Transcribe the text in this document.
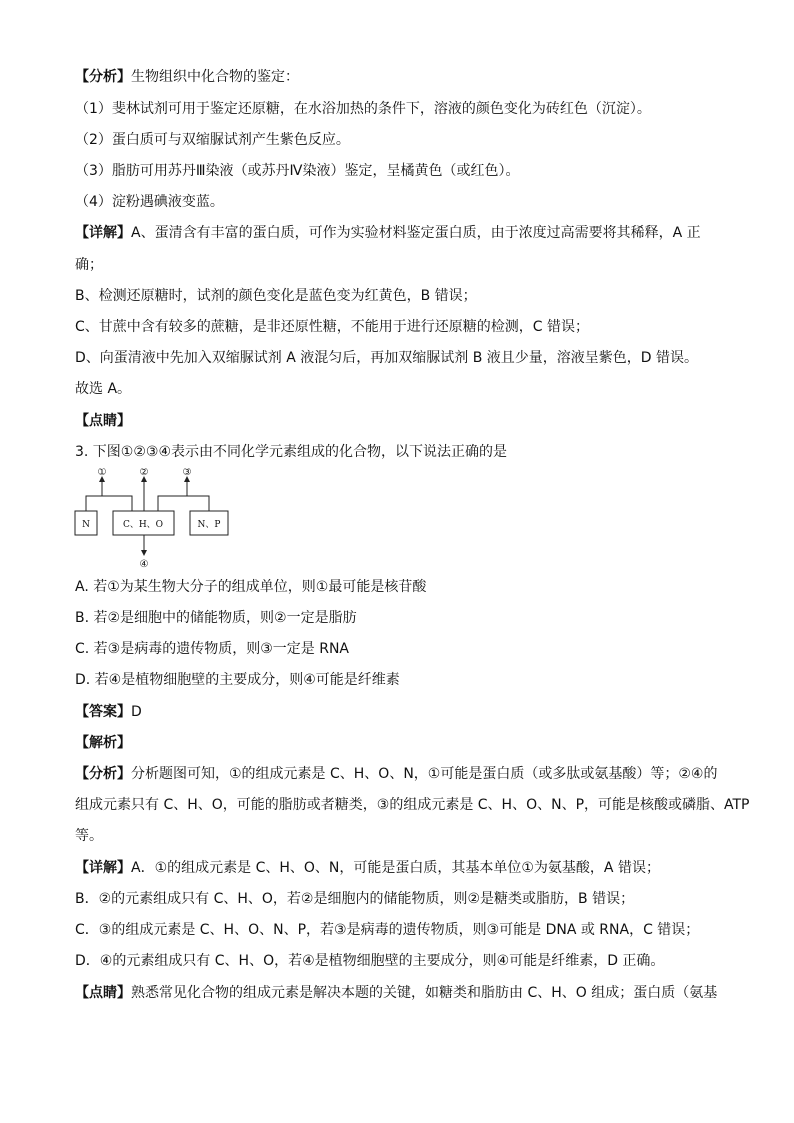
【分析】生物组织中化合物的鉴定：
（1）斐林试剂可用于鉴定还原糖，在水浴加热的条件下，溶液的颜色变化为砖红色（沉淀）。
（2）蛋白质可与双缩脲试剂产生紫色反应。
（3）脂肪可用苏丹Ⅲ染液（或苏丹Ⅳ染液）鉴定，呈橘黄色（或红色）。
（4）淀粉遇碘液变蓝。
【详解】A、蛋清含有丰富的蛋白质，可作为实验材料鉴定蛋白质，由于浓度过高需要将其稀释，A 正
确；
B、检测还原糖时，试剂的颜色变化是蓝色变为红黄色，B 错误；
C、甘蔗中含有较多的蔗糖，是非还原性糖，不能用于进行还原糖的检测，C 错误；
D、向蛋清液中先加入双缩脲试剂 A 液混匀后，再加双缩脲试剂 B 液且少量，溶液呈紫色，D 错误。
故选 A。
【点睛】
3. 下图①②③④表示由不同化学元素组成的化合物，以下说法正确的是
①	②	③
④
N	C、H、O	N、P
A. 若①为某生物大分子的组成单位，则①最可能是核苷酸
B. 若②是细胞中的储能物质，则②一定是脂肪
C. 若③是病毒的遗传物质，则③一定是 RNA
D. 若④是植物细胞壁的主要成分，则④可能是纤维素
【答案】D
【解析】
【分析】分析题图可知，①的组成元素是 C、H、O、N，①可能是蛋白质（或多肽或氨基酸）等；②④的
组成元素只有 C、H、O，可能的脂肪或者糖类，③的组成元素是 C、H、O、N、P，可能是核酸或磷脂、ATP
等。
【详解】A．①的组成元素是 C、H、O、N，可能是蛋白质，其基本单位①为氨基酸，A 错误；
B．②的元素组成只有 C、H、O，若②是细胞内的储能物质，则②是糖类或脂肪，B 错误；
C．③的组成元素是 C、H、O、N、P，若③是病毒的遗传物质，则③可能是 DNA 或 RNA，C 错误；
D．④的元素组成只有 C、H、O，若④是植物细胞壁的主要成分，则④可能是纤维素，D 正确。
【点睛】熟悉常见化合物的组成元素是解决本题的关键，如糖类和脂肪由 C、H、O 组成；蛋白质（氨基
